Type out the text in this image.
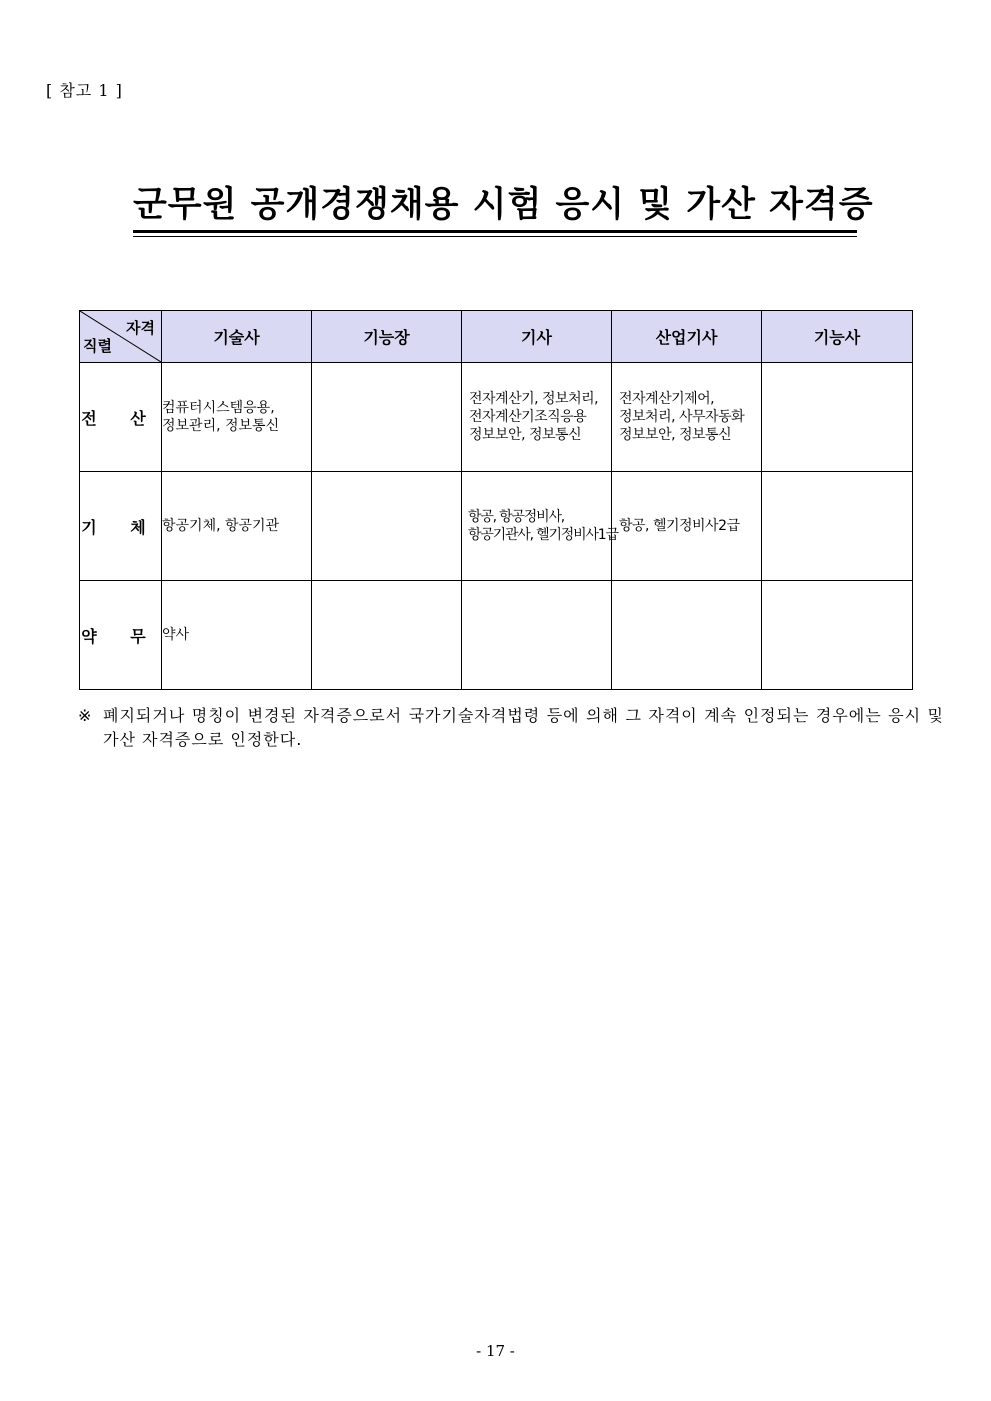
[ 참고 1 ]
군무원 공개경쟁채용 시험 응시 및 가산 자격증
자격
직렬	기술사	기능장	기사	산업기사	기능사
전 산	컴퓨터시스템응용,
정보관리, 정보통신		전자계산기, 정보처리,
전자계산기조직응용
정보보안, 정보통신	전자계산기제어,
정보처리, 사무자동화
정보보안, 정보통신	

기 체	항공기체, 항공기관		항공, 항공정비사,
항공기관사, 헬기정비사1급	항공, 헬기정비사2급	

약 무	약사				

※ 폐지되거나 명칭이 변경된 자격증으로서 국가기술자격법령 등에 의해 그 자격이 계속 인정되는 경우에는 응시 및 가산 자격증으로 인정한다.
- 17 -
